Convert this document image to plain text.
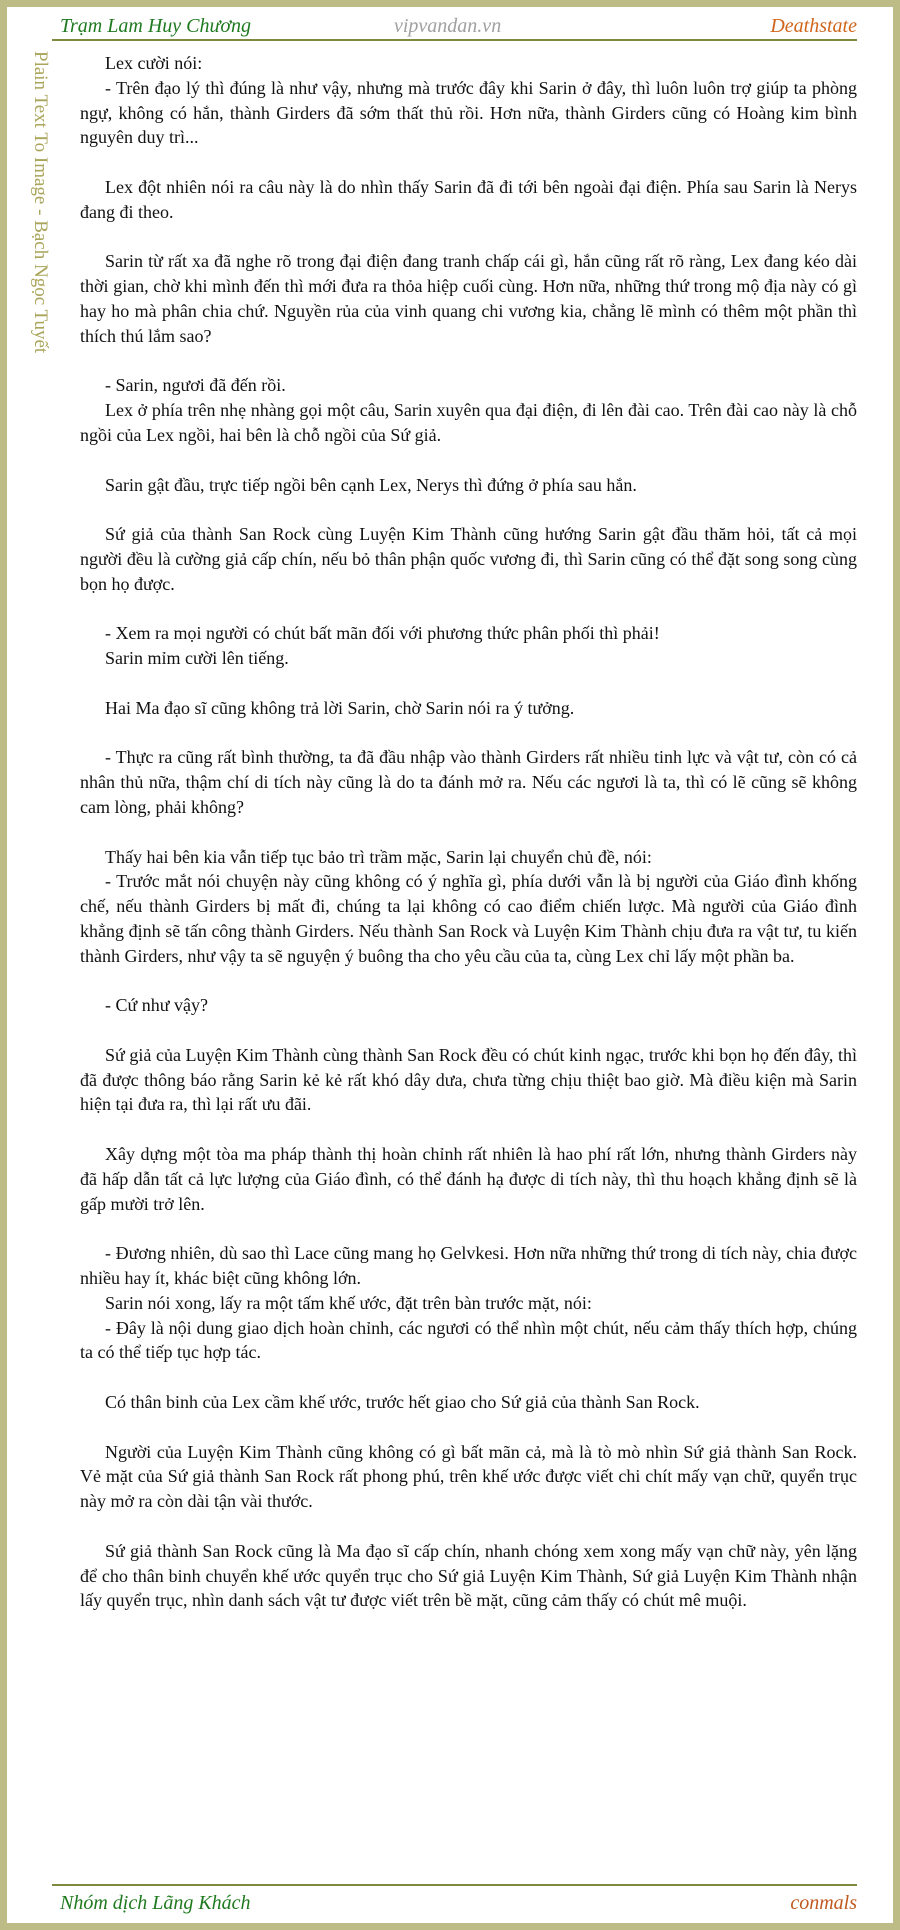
Trạm Lam Huy Chương	vipvandan.vn	Deathstate
Plain Text To Image - Bạch Ngọc Tuyết	Lex cười nói:

- Trên đạo lý thì đúng là như vậy, nhưng mà trước đây khi Sarin ở đây, thì luôn luôn trợ giúp ta phòng ngự, không có hắn, thành Girders đã sớm thất thủ rồi. Hơn nữa, thành Girders cũng có Hoàng kim bình nguyên duy trì...

Lex đột nhiên nói ra câu này là do nhìn thấy Sarin đã đi tới bên ngoài đại điện. Phía sau Sarin là Nerys đang đi theo.

Sarin từ rất xa đã nghe rõ trong đại điện đang tranh chấp cái gì, hắn cũng rất rõ ràng, Lex đang kéo dài thời gian, chờ khi mình đến thì mới đưa ra thỏa hiệp cuối cùng. Hơn nữa, những thứ trong mộ địa này có gì hay ho mà phân chia chứ. Nguyền rủa của vinh quang chi vương kia, chẳng lẽ mình có thêm một phần thì thích thú lắm sao?

- Sarin, ngươi đã đến rồi.

Lex ở phía trên nhẹ nhàng gọi một câu, Sarin xuyên qua đại điện, đi lên đài cao. Trên đài cao này là chỗ ngồi của Lex ngồi, hai bên là chỗ ngồi của Sứ giả.

Sarin gật đầu, trực tiếp ngồi bên cạnh Lex, Nerys thì đứng ở phía sau hắn.

Sứ giả của thành San Rock cùng Luyện Kim Thành cũng hướng Sarin gật đầu thăm hỏi, tất cả mọi người đều là cường giả cấp chín, nếu bỏ thân phận quốc vương đi, thì Sarin cũng có thể đặt song song cùng bọn họ được.

- Xem ra mọi người có chút bất mãn đối với phương thức phân phối thì phải!

Sarin mỉm cười lên tiếng.

Hai Ma đạo sĩ cũng không trả lời Sarin, chờ Sarin nói ra ý tưởng.

- Thực ra cũng rất bình thường, ta đã đầu nhập vào thành Girders rất nhiều tinh lực và vật tư, còn có cả nhân thủ nữa, thậm chí di tích này cũng là do ta đánh mở ra. Nếu các ngươi là ta, thì có lẽ cũng sẽ không cam lòng, phải không?

Thấy hai bên kia vẫn tiếp tục bảo trì trầm mặc, Sarin lại chuyển chủ đề, nói:

- Trước mắt nói chuyện này cũng không có ý nghĩa gì, phía dưới vẫn là bị người của Giáo đình khống chế, nếu thành Girders bị mất đi, chúng ta lại không có cao điểm chiến lược. Mà người của Giáo đình khẳng định sẽ tấn công thành Girders. Nếu thành San Rock và Luyện Kim Thành chịu đưa ra vật tư, tu kiến thành Girders, như vậy ta sẽ nguyện ý buông tha cho yêu cầu của ta, cùng Lex chỉ lấy một phần ba.

- Cứ như vậy?

Sứ giả của Luyện Kim Thành cùng thành San Rock đều có chút kinh ngạc, trước khi bọn họ đến đây, thì đã được thông báo rằng Sarin kẻ kẻ rất khó dây dưa, chưa từng chịu thiệt bao giờ. Mà điều kiện mà Sarin hiện tại đưa ra, thì lại rất ưu đãi.

Xây dựng một tòa ma pháp thành thị hoàn chỉnh rất nhiên là hao phí rất lớn, nhưng thành Girders này đã hấp dẫn tất cả lực lượng của Giáo đình, có thể đánh hạ được di tích này, thì thu hoạch khẳng định sẽ là gấp mười trở lên.

- Đương nhiên, dù sao thì Lace cũng mang họ Gelvkesi. Hơn nữa những thứ trong di tích này, chia được nhiều hay ít, khác biệt cũng không lớn.

Sarin nói xong, lấy ra một tấm khế ước, đặt trên bàn trước mặt, nói:

- Đây là nội dung giao dịch hoàn chỉnh, các ngươi có thể nhìn một chút, nếu cảm thấy thích hợp, chúng ta có thể tiếp tục hợp tác.

Có thân binh của Lex cầm khế ước, trước hết giao cho Sứ giả của thành San Rock.

Người của Luyện Kim Thành cũng không có gì bất mãn cả, mà là tò mò nhìn Sứ giả thành San Rock. Vẻ mặt của Sứ giả thành San Rock rất phong phú, trên khế ước được viết chi chít mấy vạn chữ, quyển trục này mở ra còn dài tận vài thước.

Sứ giả thành San Rock cũng là Ma đạo sĩ cấp chín, nhanh chóng xem xong mấy vạn chữ này, yên lặng để cho thân binh chuyển khế ước quyển trục cho Sứ giả Luyện Kim Thành, Sứ giả Luyện Kim Thành nhận lấy quyển trục, nhìn danh sách vật tư được viết trên bề mặt, cũng cảm thấy có chút mê muội.

Nhóm dịch Lãng Khách	conmals
